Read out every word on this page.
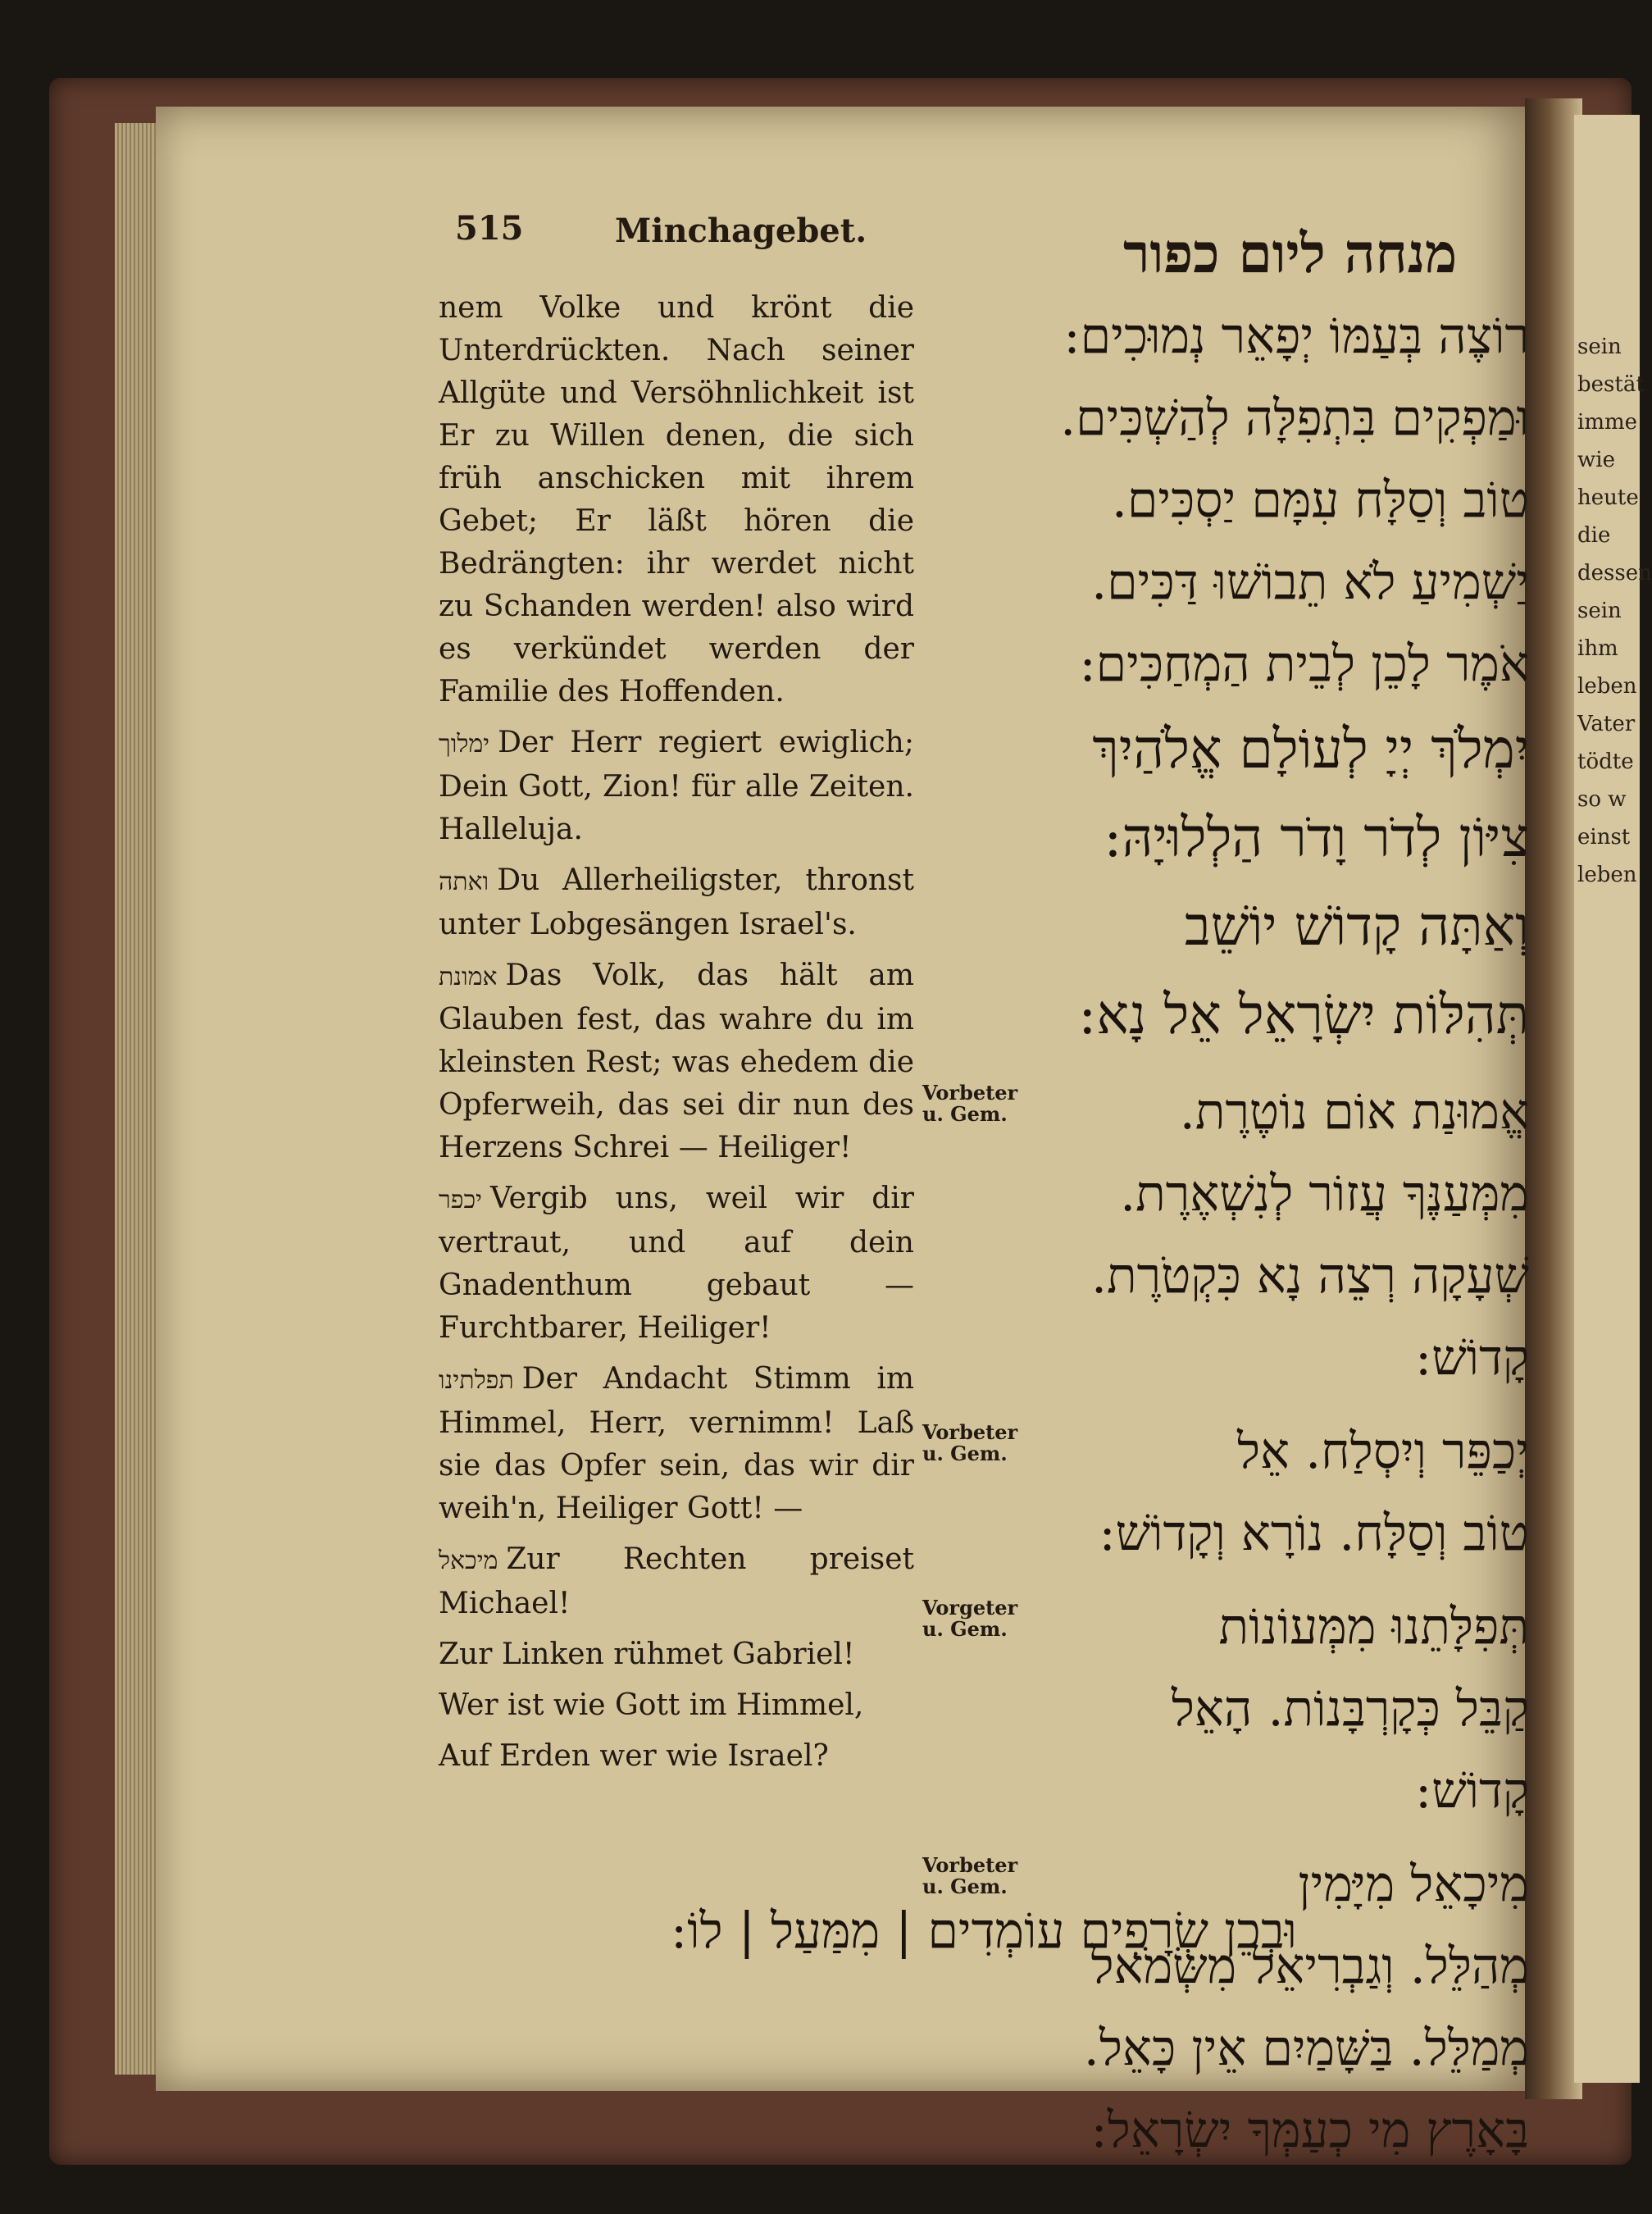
sein
bestät
imme
wie
heute
die
dessen
sein
ihm
leben
Vater
tödte
so w
einst
leben
515	Minchagebet.	מנחה ליום כפור

nem Volke und krönt die Unterdrückten. Nach seiner Allgüte und Versöhnlichkeit ist Er zu Willen denen, die sich früh anschicken mit ihrem Gebet; Er läßt hören die Bedrängten: ihr werdet nicht zu Schanden werden! also wird es verkündet werden der Familie des Hoffenden.

ימלוך Der Herr regiert ewiglich; Dein Gott, Zion! für alle Zeiten. Halleluja.

ואתה Du Allerheiligster, thronst unter Lobgesängen Israel's.

אמונת Das Volk, das hält am Glauben fest, das wahre du im kleinsten Rest; was ehedem die Opferweih, das sei dir nun des Herzens Schrei — Heiliger!

יכפר Vergib uns, weil wir dir vertraut, und auf dein Gnadenthum gebaut — Furchtbarer, Heiliger!

תפלתינו Der Andacht Stimm im Himmel, Herr, vernimm! Laß sie das Opfer sein, das wir dir weih'n, Heiliger Gott! —

מיכאל Zur Rechten preiset Michael!

Zur Linken rühmet Gabriel!

Wer ist wie Gott im Himmel,

Auf Erden wer wie Israel?

רוֹצֶה בְּעַמּוֹ יְפָאֵר נְמוּכִים:
וּמַפְקִים בִּתְפִלָּה לְהַשְׁכִּים.
טוֹב וְסַלָּח עִמָּם יַסְכִּים.
יַשְׁמִיעַ לֹא תֵבוֹשׁוּ דַּכִּים.
אֹמֶר לָכֵן לְבֵית הַמְחַכִּים:
יִמְלֹךְ יְיָ לְעוֹלָם אֱלֹהַיִךְ
צִיּוֹן לְדֹר וָדֹר הַלְלוּיָהּ:
וְאַתָּה קָדוֹשׁ יוֹשֵׁב
תְּהִלּוֹת יִשְׂרָאֵל אֵל נָא:
Vorbeter u. Gem.	אֱמוּנַת אוֹם נוֹטֶרֶת.
מִמְּעַנֶּךָ עֲזוֹר לְנִשְׁאֶרֶת.
שְׁעָקָה רְצֵה נָא כִּקְטֹרֶת.
קָדוֹשׁ:
Vorbeter u. Gem.	יְכַפֵּר וְיִסְלַח. אֵל
טוֹב וְסַלָּח. נוֹרָא וְקָדוֹשׁ:
Vorgeter u. Gem.	תְּפִלָּתֵנוּ מִמְּעוֹנוֹת
קַבֵּל כְּקָרְבָּנוֹת. הָאֵל
קָדוֹשׁ:
Vorbeter u. Gem.	מִיכָאֵל מִיָּמִין
מְהַלֵּל. וְגַבְרִיאֵל מִשְּׂמֹאל
מְמַלֵּל. בַּשָּׁמַיִם אֵין כָּאֵל.
בָּאָרֶץ מִי כְעַמְּךָ יִשְׂרָאֵל:
וּבְכֵן שְׂרָפִים עוֹמְדִים | מִמַּעַל | לוֹ:
